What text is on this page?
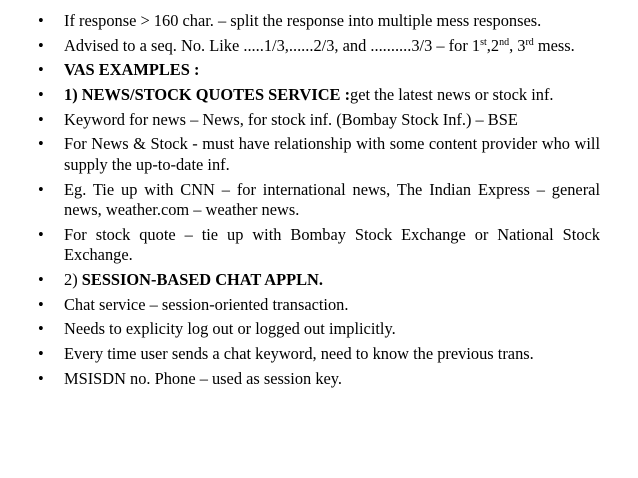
• If response > 160 char. – split the response into multiple mess responses.
• Advised to a seq. No. Like .....1/3,......2/3, and ..........3/3 – for 1st,2nd, 3rd mess.
• VAS EXAMPLES :
• 1) NEWS/STOCK QUOTES SERVICE :get the latest news or stock inf.
• Keyword for news – News, for stock inf. (Bombay Stock Inf.) – BSE
• For News & Stock - must have relationship with some content provider who will supply the up-to-date inf.
• Eg. Tie up with CNN – for international news, The Indian Express – general news, weather.com – weather news.
• For stock quote – tie up with Bombay Stock Exchange or National Stock Exchange.
• 2) SESSION-BASED CHAT APPLN.
• Chat service – session-oriented transaction.
• Needs to explicity log out or logged out implicitly.
• Every time user sends a chat keyword, need to know the previous trans.
• MSISDN no. Phone – used as session key.
